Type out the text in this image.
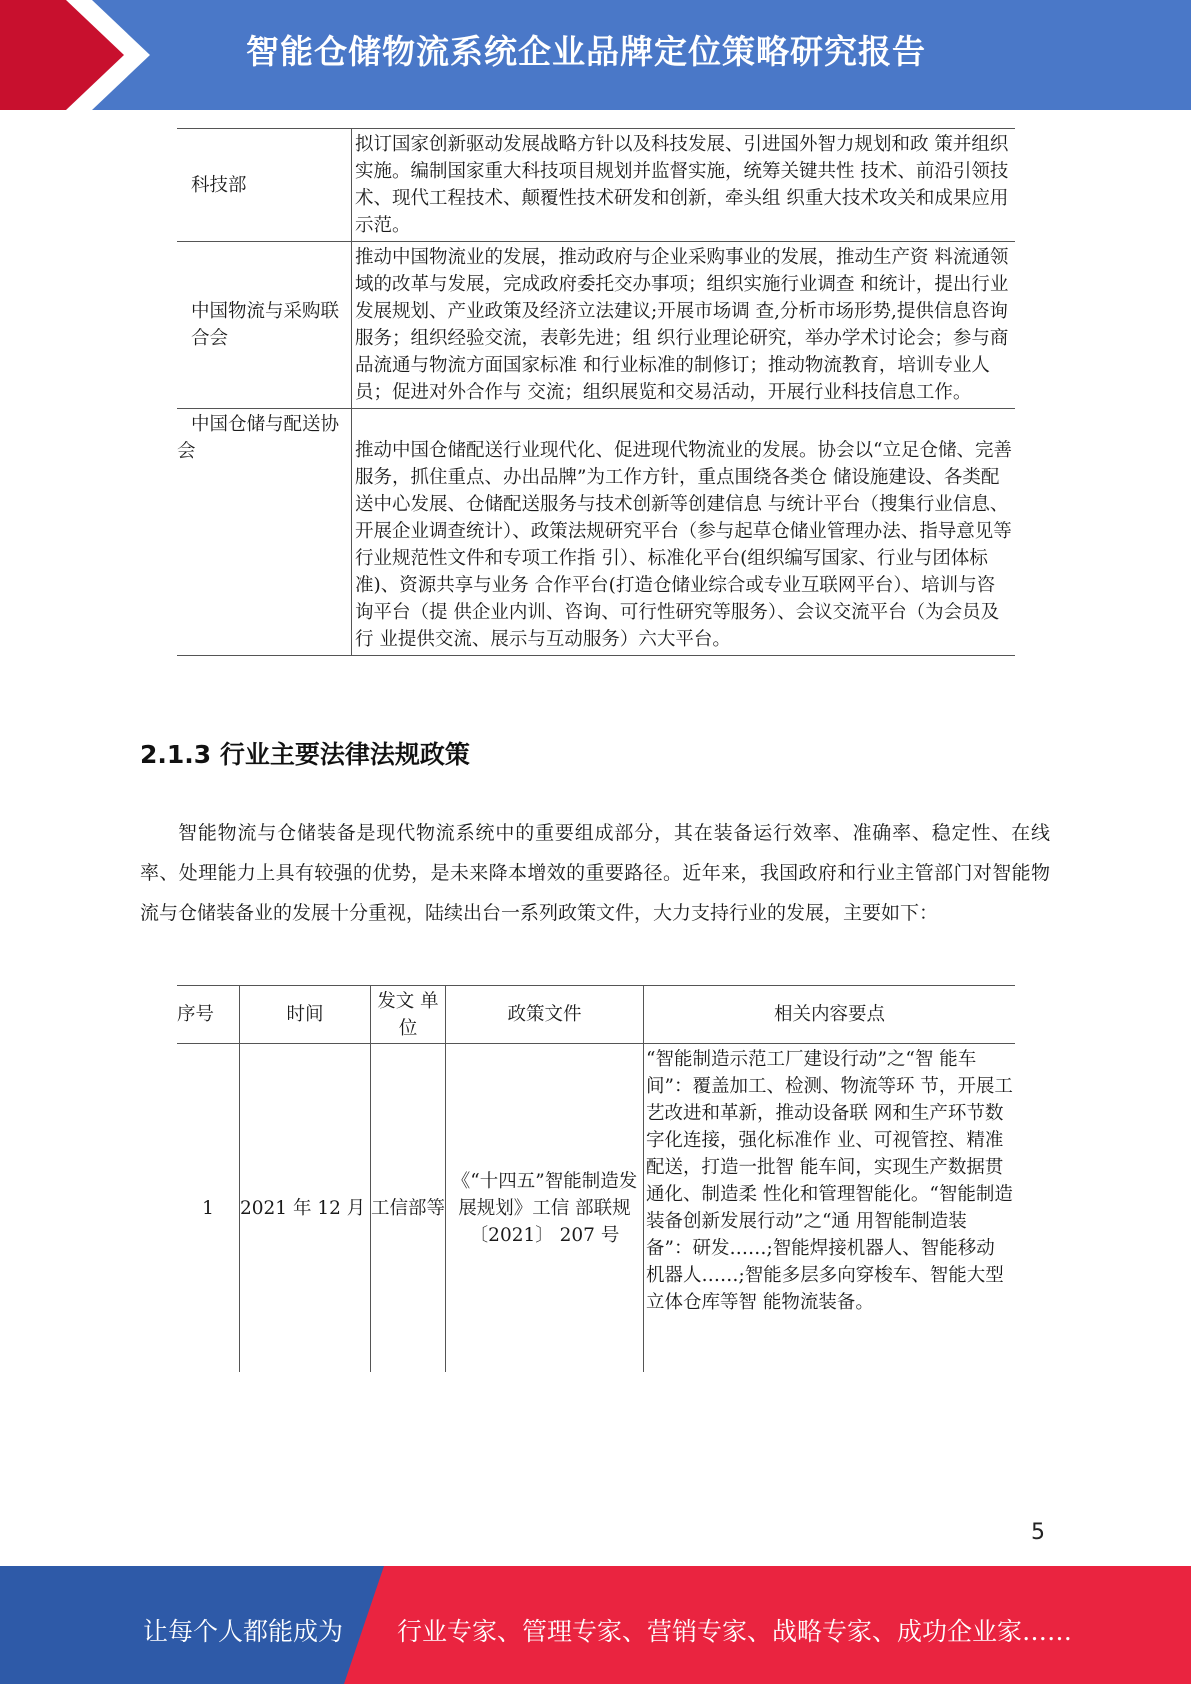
智能仓储物流系统企业品牌定位策略研究报告
科技部	拟订国家创新驱动发展战略方针以及科技发展、引进国外智力规划和政 策并组织实施。编制国家重大科技项目规划并监督实施，统筹关键共性 技术、前沿引领技术、现代工程技术、颠覆性技术研发和创新，牵头组 织重大技术攻关和成果应用示范。
中国物流与采购联合会	推动中国物流业的发展，推动政府与企业采购事业的发展，推动生产资 料流通领域的改革与发展，完成政府委托交办事项；组织实施行业调查 和统计，提出行业发展规划、产业政策及经济立法建议;开展市场调 查,分析市场形势,提供信息咨询服务；组织经验交流，表彰先进；组 织行业理论研究，举办学术讨论会；参与商品流通与物流方面国家标准 和行业标准的制修订；推动物流教育，培训专业人员；促进对外合作与 交流；组织展览和交易活动，开展行业科技信息工作。

中国仓储与配送协会	推动中国仓储配送行业现代化、促进现代物流业的发展。协会以“立足仓储、完善服务，抓住重点、办出品牌”为工作方针，重点围绕各类仓 储设施建设、各类配送中心发展、仓储配送服务与技术创新等创建信息 与统计平台（搜集行业信息、开展企业调查统计）、政策法规研究平台（参与起草仓储业管理办法、指导意见等行业规范性文件和专项工作指 引）、标准化平台(组织编写国家、行业与团体标准)、资源共享与业务 合作平台(打造仓储业综合或专业互联网平台）、培训与咨询平台（提 供企业内训、咨询、可行性研究等服务）、会议交流平台（为会员及行 业提供交流、展示与互动服务）六大平台。
2.1.3 行业主要法律法规政策

智能物流与仓储装备是现代物流系统中的重要组成部分，其在装备运行效率、准确率、稳定性、在线率、处理能力上具有较强的优势，是未来降本增效的重要路径。近年来，我国政府和行业主管部门对智能物流与仓储装备业的发展十分重视，陆续出台一系列政策文件，大力支持行业的发展，主要如下：

序号	时间	发文 单位	政策文件	相关内容要点
1	2021 年 12 月	工信部等	《“十四五”智能制造发展规划》工信 部联规〔2021〕 207 号	“智能制造示范工厂建设行动”之“智 能车间”：覆盖加工、检测、物流等环 节，开展工艺改进和革新，推动设备联 网和生产环节数字化连接，强化标准作 业、可视管控、精准配送，打造一批智 能车间，实现生产数据贯通化、制造柔 性化和管理智能化。“智能制造装备创新发展行动”之“通 用智能制造装备”：研发……;智能焊接机器人、智能移动机器人……;智能多层多向穿梭车、智能大型立体仓库等智 能物流装备。
5
让每个人都能成为 行业专家、管理专家、营销专家、战略专家、成功企业家……
